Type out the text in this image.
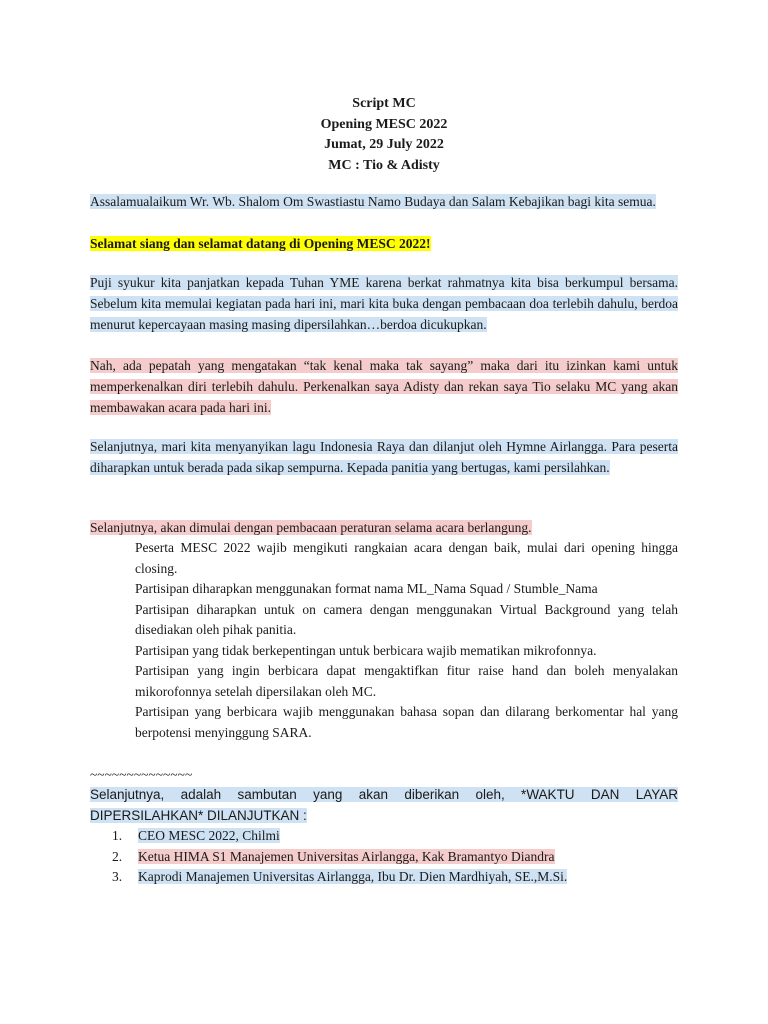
Script MC
Opening MESC 2022
Jumat, 29 July 2022
MC : Tio & Adisty
Assalamualaikum Wr. Wb. Shalom Om Swastiastu Namo Budaya dan Salam Kebajikan bagi kita semua.
Selamat siang dan selamat datang di Opening MESC 2022!
Puji syukur kita panjatkan kepada Tuhan YME karena berkat rahmatnya kita bisa berkumpul bersama. Sebelum kita memulai kegiatan pada hari ini, mari kita buka dengan pembacaan doa terlebih dahulu, berdoa menurut kepercayaan masing masing dipersilahkan…berdoa dicukupkan.
Nah, ada pepatah yang mengatakan “tak kenal maka tak sayang” maka dari itu izinkan kami untuk memperkenalkan diri terlebih dahulu. Perkenalkan saya Adisty dan rekan saya Tio selaku MC yang akan membawakan acara pada hari ini.
Selanjutnya, mari kita menyanyikan lagu Indonesia Raya dan dilanjut oleh Hymne Airlangga. Para peserta diharapkan untuk berada pada sikap sempurna. Kepada panitia yang bertugas, kami persilahkan.
Selanjutnya, akan dimulai dengan pembacaan peraturan selama acara berlangung.
Peserta MESC 2022 wajib mengikuti rangkaian acara dengan baik, mulai dari opening hingga closing.
Partisipan diharapkan menggunakan format nama ML_Nama Squad / Stumble_Nama
Partisipan diharapkan untuk on camera dengan menggunakan Virtual Background yang telah disediakan oleh pihak panitia.
Partisipan yang tidak berkepentingan untuk berbicara wajib mematikan mikrofonnya.
Partisipan yang ingin berbicara dapat mengaktifkan fitur raise hand dan boleh menyalakan mikorofonnya setelah dipersilakan oleh MC.
Partisipan yang berbicara wajib menggunakan bahasa sopan dan dilarang berkomentar hal yang berpotensi menyinggung SARA.
~~~~~~~~~~~~~~
Selanjutnya, adalah sambutan yang akan diberikan oleh, *WAKTU DAN LAYAR DIPERSILAHKAN* DILANJUTKAN :
1. CEO MESC 2022, Chilmi
2. Ketua HIMA S1 Manajemen Universitas Airlangga, Kak Bramantyo Diandra
3. Kaprodi Manajemen Universitas Airlangga, Ibu Dr. Dien Mardhiyah, SE.,M.Si.
